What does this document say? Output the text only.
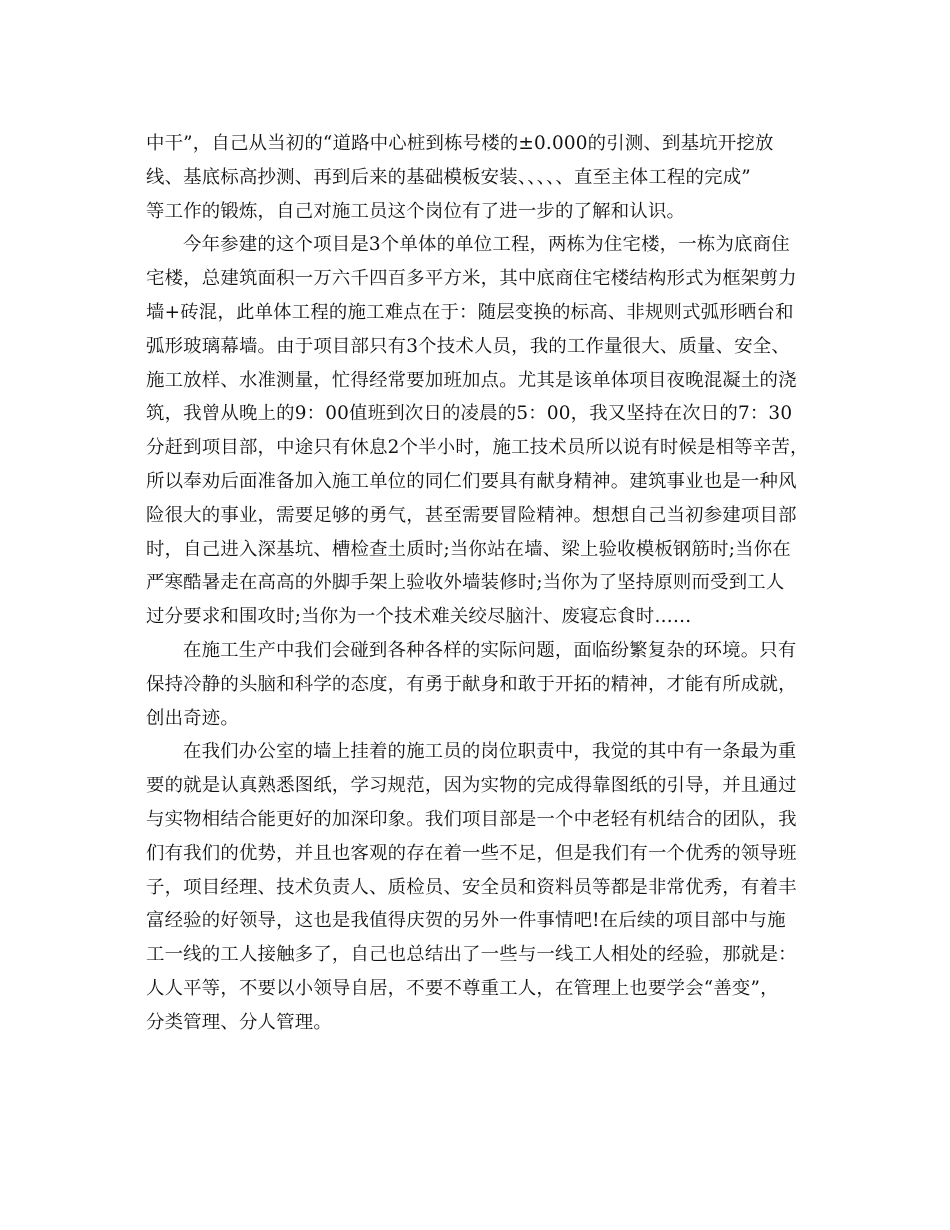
中干”，自己从当初的“道路中心桩到栋号楼的±0.000的引测、到基坑开挖放
线、基底标高抄测、再到后来的基础模板安装、、、、、直至主体工程的完成”
等工作的锻炼，自己对施工员这个岗位有了进一步的了解和认识。
今年参建的这个项目是3个单体的单位工程，两栋为住宅楼，一栋为底商住
宅楼，总建筑面积一万六千四百多平方米，其中底商住宅楼结构形式为框架剪力
墙+砖混，此单体工程的施工难点在于：随层变换的标高、非规则式弧形晒台和
弧形玻璃幕墙。由于项目部只有3个技术人员，我的工作量很大、质量、安全、
施工放样、水准测量，忙得经常要加班加点。尤其是该单体项目夜晚混凝土的浇
筑，我曾从晚上的9：00值班到次日的凌晨的5：00，我又坚持在次日的7：30
分赶到项目部，中途只有休息2个半小时，施工技术员所以说有时候是相等辛苦，
所以奉劝后面准备加入施工单位的同仁们要具有献身精神。建筑事业也是一种风
险很大的事业，需要足够的勇气，甚至需要冒险精神。想想自己当初参建项目部
时，自己进入深基坑、槽检查土质时;当你站在墙、梁上验收模板钢筋时;当你在
严寒酷暑走在高高的外脚手架上验收外墙装修时;当你为了坚持原则而受到工人
过分要求和围攻时;当你为一个技术难关绞尽脑汁、废寝忘食时……
在施工生产中我们会碰到各种各样的实际问题，面临纷繁复杂的环境。只有
保持冷静的头脑和科学的态度，有勇于献身和敢于开拓的精神，才能有所成就，
创出奇迹。
在我们办公室的墙上挂着的施工员的岗位职责中，我觉的其中有一条最为重
要的就是认真熟悉图纸，学习规范，因为实物的完成得靠图纸的引导，并且通过
与实物相结合能更好的加深印象。我们项目部是一个中老轻有机结合的团队，我
们有我们的优势，并且也客观的存在着一些不足，但是我们有一个优秀的领导班
子，项目经理、技术负责人、质检员、安全员和资料员等都是非常优秀，有着丰
富经验的好领导，这也是我值得庆贺的另外一件事情吧!在后续的项目部中与施
工一线的工人接触多了，自己也总结出了一些与一线工人相处的经验，那就是：
人人平等，不要以小领导自居，不要不尊重工人，在管理上也要学会“善变”，
分类管理、分人管理。
